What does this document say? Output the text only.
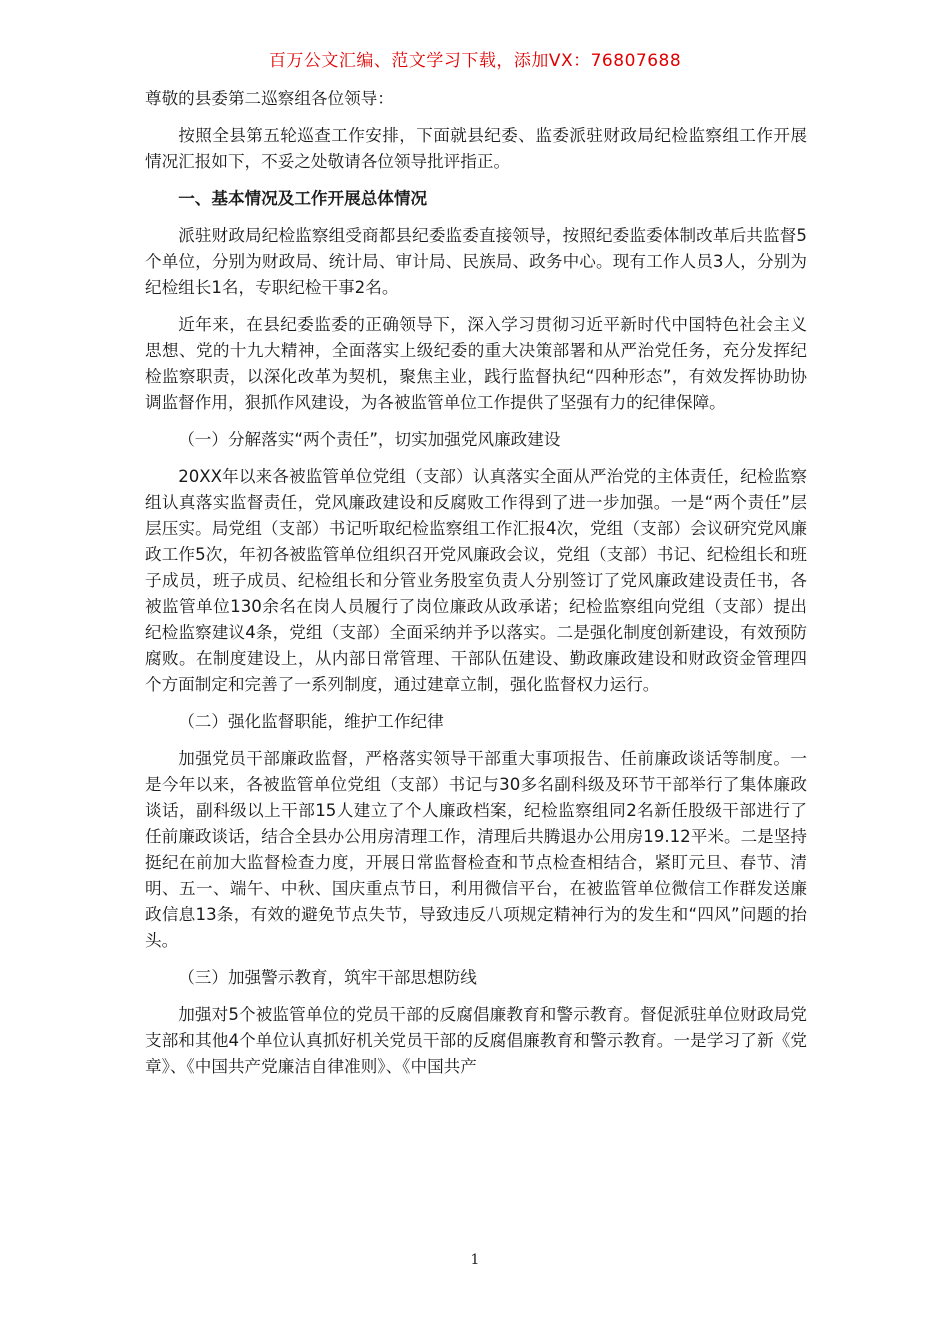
百万公文汇编、范文学习下载，添加VX：76807688

尊敬的县委第二巡察组各位领导：

按照全县第五轮巡查工作安排，下面就县纪委、监委派驻财政局纪检监察组工作开展情况汇报如下，不妥之处敬请各位领导批评指正。

一、基本情况及工作开展总体情况

派驻财政局纪检监察组受商都县纪委监委直接领导，按照纪委监委体制改革后共监督5个单位，分别为财政局、统计局、审计局、民族局、政务中心。现有工作人员3人，分别为纪检组长1名，专职纪检干事2名。

近年来，在县纪委监委的正确领导下，深入学习贯彻习近平新时代中国特色社会主义思想、党的十九大精神，全面落实上级纪委的重大决策部署和从严治党任务，充分发挥纪检监察职责，以深化改革为契机，聚焦主业，践行监督执纪“四种形态”，有效发挥协助协调监督作用，狠抓作风建设，为各被监管单位工作提供了坚强有力的纪律保障。

（一）分解落实“两个责任”，切实加强党风廉政建设

20XX年以来各被监管单位党组（支部）认真落实全面从严治党的主体责任，纪检监察组认真落实监督责任，党风廉政建设和反腐败工作得到了进一步加强。一是“两个责任”层层压实。局党组（支部）书记听取纪检监察组工作汇报4次，党组（支部）会议研究党风廉政工作5次，年初各被监管单位组织召开党风廉政会议，党组（支部）书记、纪检组长和班子成员，班子成员、纪检组长和分管业务股室负责人分别签订了党风廉政建设责任书，各被监管单位130余名在岗人员履行了岗位廉政从政承诺；纪检监察组向党组（支部）提出纪检监察建议4条，党组（支部）全面采纳并予以落实。二是强化制度创新建设，有效预防腐败。在制度建设上，从内部日常管理、干部队伍建设、勤政廉政建设和财政资金管理四个方面制定和完善了一系列制度，通过建章立制，强化监督权力运行。

（二）强化监督职能，维护工作纪律

加强党员干部廉政监督，严格落实领导干部重大事项报告、任前廉政谈话等制度。一是今年以来，各被监管单位党组（支部）书记与30多名副科级及环节干部举行了集体廉政谈话，副科级以上干部15人建立了个人廉政档案，纪检监察组同2名新任股级干部进行了任前廉政谈话，结合全县办公用房清理工作，清理后共腾退办公用房19.12平米。二是坚持挺纪在前加大监督检查力度，开展日常监督检查和节点检查相结合，紧盯元旦、春节、清明、五一、端午、中秋、国庆重点节日，利用微信平台，在被监管单位微信工作群发送廉政信息13条，有效的避免节点失节，导致违反八项规定精神行为的发生和“四风”问题的抬头。

（三）加强警示教育，筑牢干部思想防线

加强对5个被监管单位的党员干部的反腐倡廉教育和警示教育。督促派驻单位财政局党支部和其他4个单位认真抓好机关党员干部的反腐倡廉教育和警示教育。一是学习了新《党章》、《中国共产党廉洁自律准则》、《中国共产

1
